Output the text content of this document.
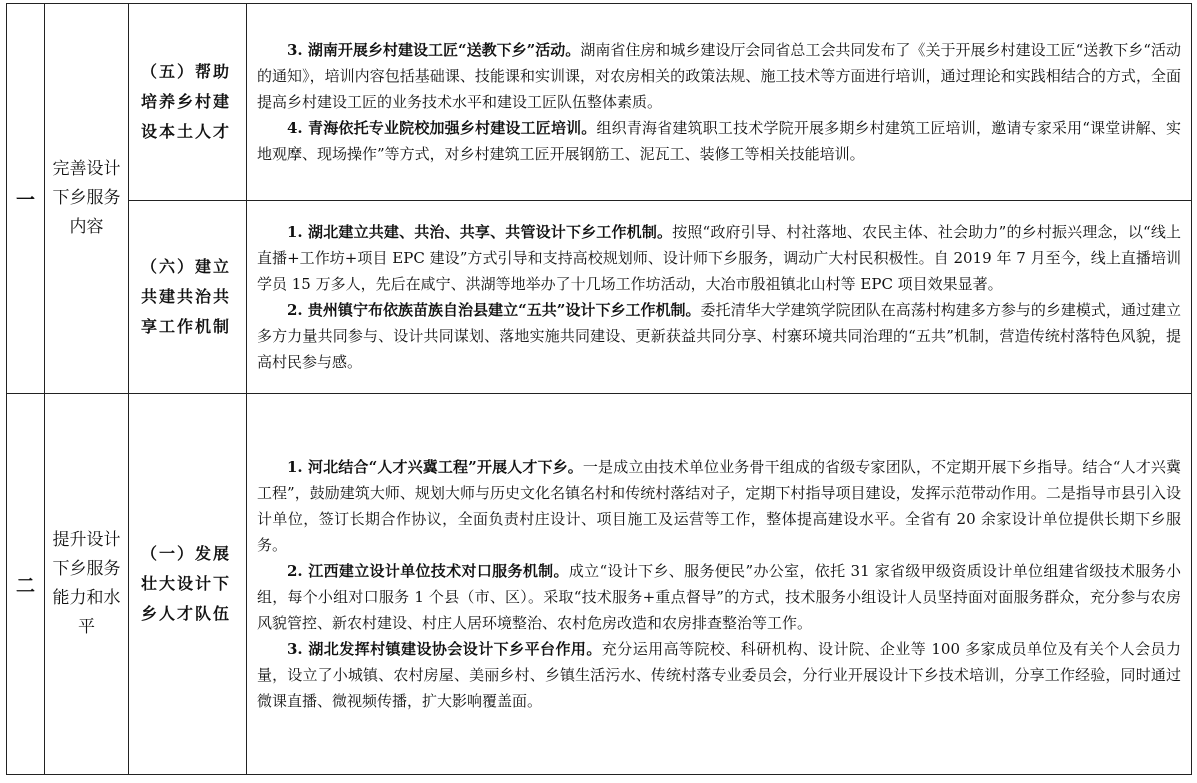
一	完善设计下乡服务内容	（五）帮助培养乡村建设本土人才	3. 湖南开展乡村建设工匠“送教下乡”活动。湖南省住房和城乡建设厅会同省总工会共同发布了《关于开展乡村建设工匠“送教下乡“活动的通知》，培训内容包括基础课、技能课和实训课，对农房相关的政策法规、施工技术等方面进行培训，通过理论和实践相结合的方式，全面提高乡村建设工匠的业务技术水平和建设工匠队伍整体素质。

4. 青海依托专业院校加强乡村建设工匠培训。组织青海省建筑职工技术学院开展多期乡村建筑工匠培训，邀请专家采用“课堂讲解、实地观摩、现场操作”等方式，对乡村建筑工匠开展钢筋工、泥瓦工、装修工等相关技能培训。

		（六）建立共建共治共享工作机制	1. 湖北建立共建、共治、共享、共管设计下乡工作机制。按照“政府引导、村社落地、农民主体、社会助力”的乡村振兴理念，以“线上直播+工作坊+项目 EPC 建设”方式引导和支持高校规划师、设计师下乡服务，调动广大村民积极性。自 2019 年 7 月至今，线上直播培训学员 15 万多人，先后在咸宁、洪湖等地举办了十几场工作坊活动，大冶市殷祖镇北山村等 EPC 项目效果显著。

2. 贵州镇宁布依族苗族自治县建立“五共”设计下乡工作机制。委托清华大学建筑学院团队在高荡村构建多方参与的乡建模式，通过建立多方力量共同参与、设计共同谋划、落地实施共同建设、更新获益共同分享、村寨环境共同治理的“五共”机制，营造传统村落特色风貌，提高村民参与感。

二	提升设计下乡服务能力和水平	（一）发展壮大设计下乡人才队伍	1. 河北结合“人才兴冀工程”开展人才下乡。一是成立由技术单位业务骨干组成的省级专家团队，不定期开展下乡指导。结合“人才兴冀工程”，鼓励建筑大师、规划大师与历史文化名镇名村和传统村落结对子，定期下村指导项目建设，发挥示范带动作用。二是指导市县引入设计单位，签订长期合作协议，全面负责村庄设计、项目施工及运营等工作，整体提高建设水平。全省有 20 余家设计单位提供长期下乡服务。

2. 江西建立设计单位技术对口服务机制。成立“设计下乡、服务便民”办公室，依托 31 家省级甲级资质设计单位组建省级技术服务小组，每个小组对口服务 1 个县（市、区）。采取“技术服务+重点督导”的方式，技术服务小组设计人员坚持面对面服务群众，充分参与农房风貌管控、新农村建设、村庄人居环境整治、农村危房改造和农房排查整治等工作。

3. 湖北发挥村镇建设协会设计下乡平台作用。充分运用高等院校、科研机构、设计院、企业等 100 多家成员单位及有关个人会员力量，设立了小城镇、农村房屋、美丽乡村、乡镇生活污水、传统村落专业委员会，分行业开展设计下乡技术培训，分享工作经验，同时通过微课直播、微视频传播，扩大影响覆盖面。
